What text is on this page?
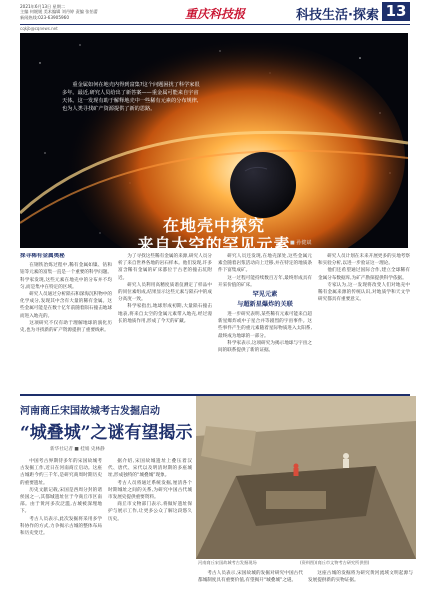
2021年6月13日 星期二
主编 何媛媛 美术编辑 刘丹婷 责编 张怡蕾
新闻热线:023-63905960	重庆科技报	科技生活·探索 13
cqkjb@cqnews.net
重金属如何在地壳内得到富集?这个问题困扰了科学家很多年。最近,研究人员给出了新答案——重金属可能来自宇宙天体。这一发现有助于解释地壳中一些稀有元素的分布规律,也为人类寻找矿产资源提供了新的思路。
在地壳中探究
来自太空的罕见元素 ■ 孙健斌
探寻稀有金属奥秘

在钢铁冶炼过程中,稀有金属如镍、钴和铂等元素的富集一直是一个重要的科学问题。科学家发现,这些元素在地壳中的分布并不均匀,而是集中在特定的区域。

研究人员通过分析陨石和深海沉积物中的化学成分,发现其中含有大量的稀有金属。这些金属可能是在数十亿年前随着陨石撞击地球而进入地壳的。

这项研究不仅有助于理解地球的演化历史,也为寻找新的矿产资源提供了重要线索。

为了寻找这些稀有金属的来源,研究人员分析了来自世界各地的岩石样本。他们发现,许多富含稀有金属的矿床都位于古老的撞击坑附近。

研究人员利用高精度质谱仪测定了样品中的同位素组成,结果显示这些元素与陨石中的成分高度一致。

科学家指出,地球形成初期,大量陨石撞击地表,将来自太空的金属元素带入地壳,经过漫长的地质作用,形成了今天的矿藏。

研究人员还发现,在地壳深处,这些金属元素会随着岩浆活动向上迁移,并在特定的地质条件下富集成矿。

这一过程可能持续数百万年,最终形成具有开采价值的矿床。

罕见元素
与超新星爆炸的关联

进一步研究表明,某些稀有元素可能来自超新星爆炸或中子星合并等剧烈的宇宙事件。这些事件产生的重元素随着星际物质进入太阳系,最终成为地球的一部分。

科学家表示,这项研究为揭示地球与宇宙之间的联系提供了新的证据。

研究人员计划在未来开展更多的实地考察和实验分析,以进一步验证这一理论。

他们还希望通过国际合作,建立全球稀有金属分布数据库,为矿产勘探提供科学依据。

专家认为,这一发现将改变人们对地壳中稀有金属来源的传统认识,对地质学和天文学研究都具有重要意义。

河南商丘宋国故城考古发掘启动
“城叠城”之谜有望揭示
新华社记者 ■ 桂娟 史林静

中国考古界期待多年的宋国故城考古发掘工作,近日在河南商丘启动。这座古城距今约三千年,是研究商周时期历史的重要遗址。

历史文献记载,宋国是西周分封的诸侯国之一,其都城遗址位于今商丘市区南部。由于黄河多次泛滥,古城被深埋地下。

考古人员表示,此次发掘将采用多学科协作的方式,力争揭示古城的整体布局和历史变迁。

据介绍,宋国故城遗址上叠压着汉代、唐代、宋代以及明清时期的多座城址,形成独特的“城叠城”现象。

考古人员将通过系统发掘,厘清各个时期城址之间的关系,为研究中国古代城市发展史提供重要资料。

商丘市文物部门表示,将做好遗址保护与展示工作,让更多公众了解这段悠久历史。

河南商丘宋国故城考古发掘现场	(资料图)(商丘市文物考古研究所供图)

考古人员表示,宋国故城的发掘对研究中国古代都城制度具有重要价值,有望揭开“城叠城”之谜。

这座古城的发掘将为研究黄河流域文明起源与发展提供新的实物证据。
